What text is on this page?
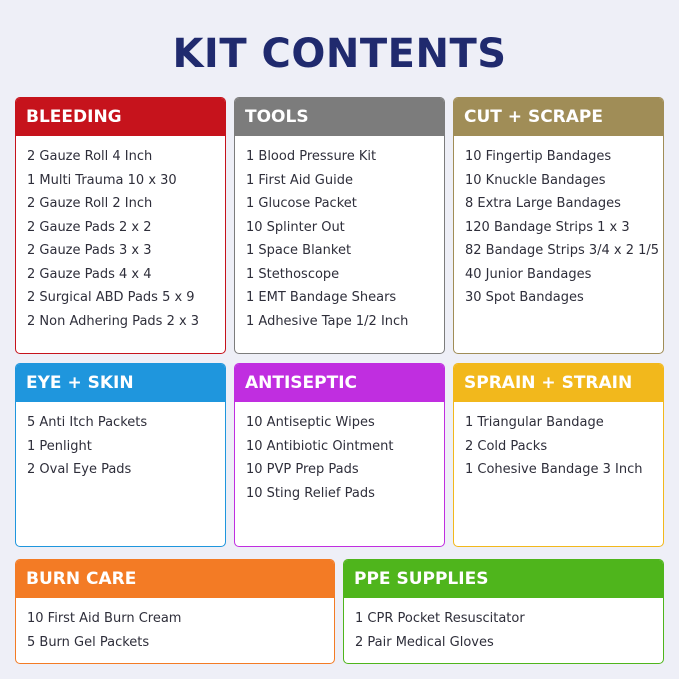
KIT CONTENTS
BLEEDING
2 Gauze Roll 4 Inch
1 Multi Trauma 10 x 30
2 Gauze Roll 2 Inch
2 Gauze Pads 2 x 2
2 Gauze Pads 3 x 3
2 Gauze Pads 4 x 4
2 Surgical ABD Pads 5 x 9
2 Non Adhering Pads 2 x 3
TOOLS
1 Blood Pressure Kit
1 First Aid Guide
1 Glucose Packet
10 Splinter Out
1 Space Blanket
1 Stethoscope
1 EMT Bandage Shears
1 Adhesive Tape 1/2 Inch
CUT + SCRAPE
10 Fingertip Bandages
10 Knuckle Bandages
8 Extra Large Bandages
120 Bandage Strips 1 x 3
82 Bandage Strips 3/4 x 2 1/5
40 Junior Bandages
30 Spot Bandages
EYE + SKIN
5 Anti Itch Packets
1 Penlight
2 Oval Eye Pads
ANTISEPTIC
10 Antiseptic Wipes
10 Antibiotic Ointment
10 PVP Prep Pads
10 Sting Relief Pads
SPRAIN + STRAIN
1 Triangular Bandage
2 Cold Packs
1 Cohesive Bandage 3 Inch
BURN CARE
10 First Aid Burn Cream
5 Burn Gel Packets
PPE SUPPLIES
1 CPR Pocket Resuscitator
2 Pair Medical Gloves
